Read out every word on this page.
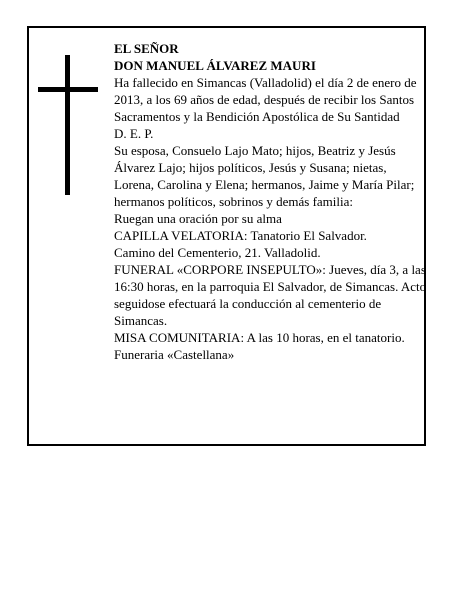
EL SEÑOR

DON MANUEL ÁLVAREZ MAURI

Ha fallecido en Simancas (Valladolid) el día 2 de enero de 2013, a los 69 años de edad, después de recibir los Santos Sacramentos y la Bendición Apostólica de Su Santidad

D. E. P.

Su esposa, Consuelo Lajo Mato; hijos, Beatriz y Jesús Álvarez Lajo; hijos políticos, Jesús y Susana; nietas, Lorena, Carolina y Elena; hermanos, Jaime y María Pilar; hermanos políticos, sobrinos y demás familia:

Ruegan una oración por su alma

CAPILLA VELATORIA: Tanatorio El Salvador.

Camino del Cementerio, 21. Valladolid.

FUNERAL «CORPORE INSEPULTO»: Jueves, día 3, a las 16:30 horas, en la parroquia El Salvador, de Simancas. Acto seguidose efectuará la conducción al cementerio de Simancas.

MISA COMUNITARIA: A las 10 horas, en el tanatorio.

Funeraria «Castellana»
